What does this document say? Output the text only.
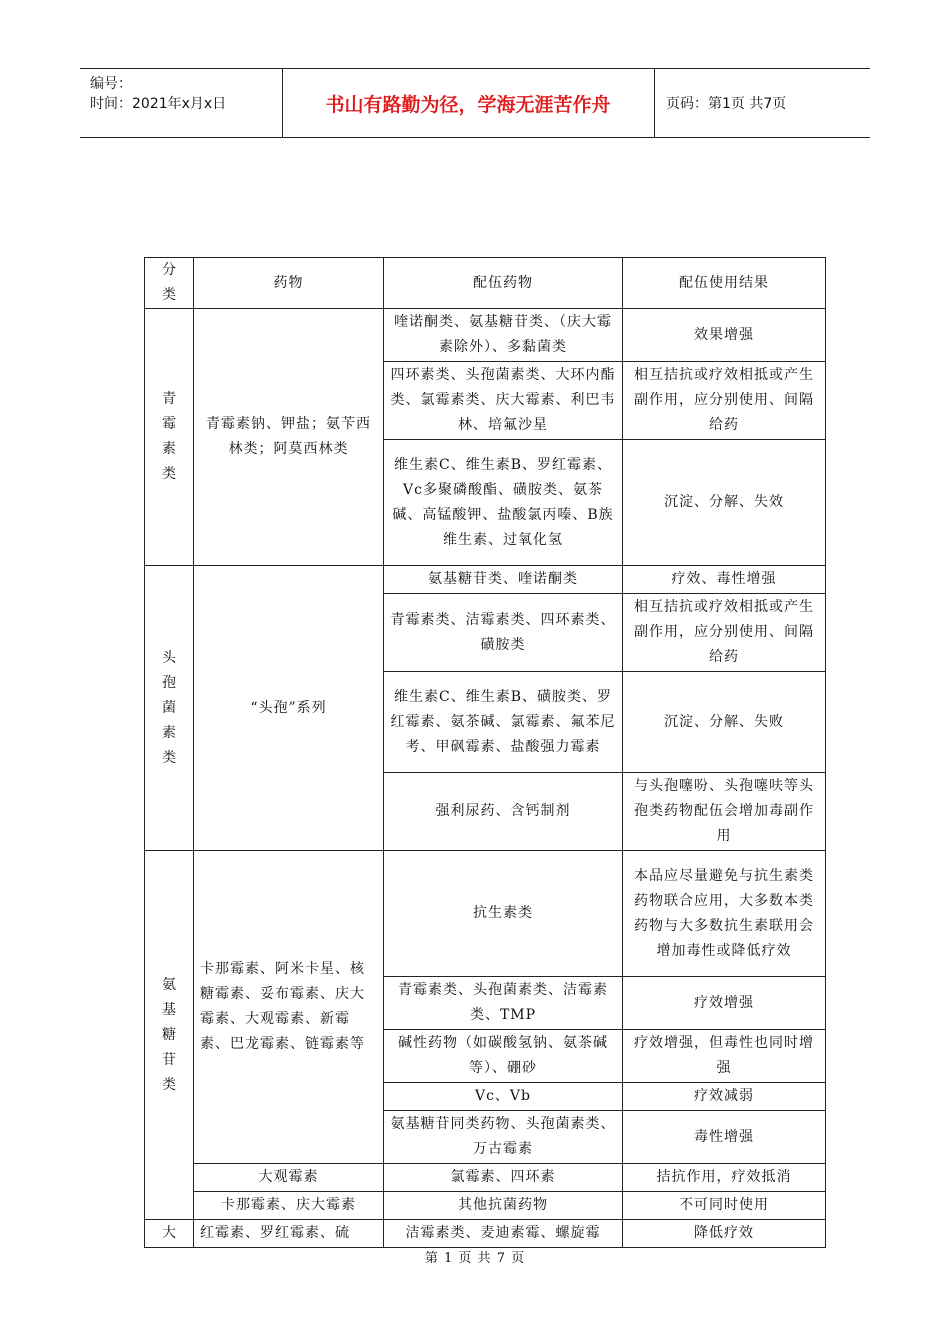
编号：
时间：2021年x月x日	书山有路勤为径，学海无涯苦作舟	页码：第1页 共7页
分类	药物	配伍药物	配伍使用结果

青霉素类	青霉素钠、钾盐；氨苄西林类；阿莫西林类	喹诺酮类、氨基糖苷类、（庆大霉素除外）、多黏菌类	效果增强
		四环素类、头孢菌素类、大环内酯类、氯霉素类、庆大霉素、利巴韦林、培氟沙星	相互拮抗或疗效相抵或产生副作用，应分别使用、间隔给药
		维生素C、维生素B、罗红霉素、Vc多聚磷酸酯、磺胺类、氨茶碱、高锰酸钾、盐酸氯丙嗪、B族维生素、过氧化氢	沉淀、分解、失效

头孢菌素类	“头孢”系列	氨基糖苷类、喹诺酮类	疗效、毒性增强
		青霉素类、洁霉素类、四环素类、磺胺类	相互拮抗或疗效相抵或产生副作用，应分别使用、间隔给药
		维生素C、维生素B、磺胺类、罗红霉素、氨茶碱、氯霉素、氟苯尼考、甲砜霉素、盐酸强力霉素	沉淀、分解、失败
		强利尿药、含钙制剂	与头孢噻吩、头孢噻呋等头孢类药物配伍会增加毒副作用

氨基糖苷类	卡那霉素、阿米卡星、核糖霉素、妥布霉素、庆大霉素、大观霉素、新霉素、巴龙霉素、链霉素等	抗生素类	本品应尽量避免与抗生素类药物联合应用，大多数本类药物与大多数抗生素联用会增加毒性或降低疗效
		青霉素类、头孢菌素类、洁霉素类、TMP	疗效增强
		碱性药物（如碳酸氢钠、氨茶碱等）、硼砂	疗效增强，但毒性也同时增强
		Vc、Vb	疗效减弱
		氨基糖苷同类药物、头孢菌素类、万古霉素	毒性增强
	大观霉素	氯霉素、四环素	拮抗作用，疗效抵消
	卡那霉素、庆大霉素	其他抗菌药物	不可同时使用

大	红霉素、罗红霉素、硫	洁霉素类、麦迪素霉、螺旋霉	降低疗效
第 1 页 共 7 页
